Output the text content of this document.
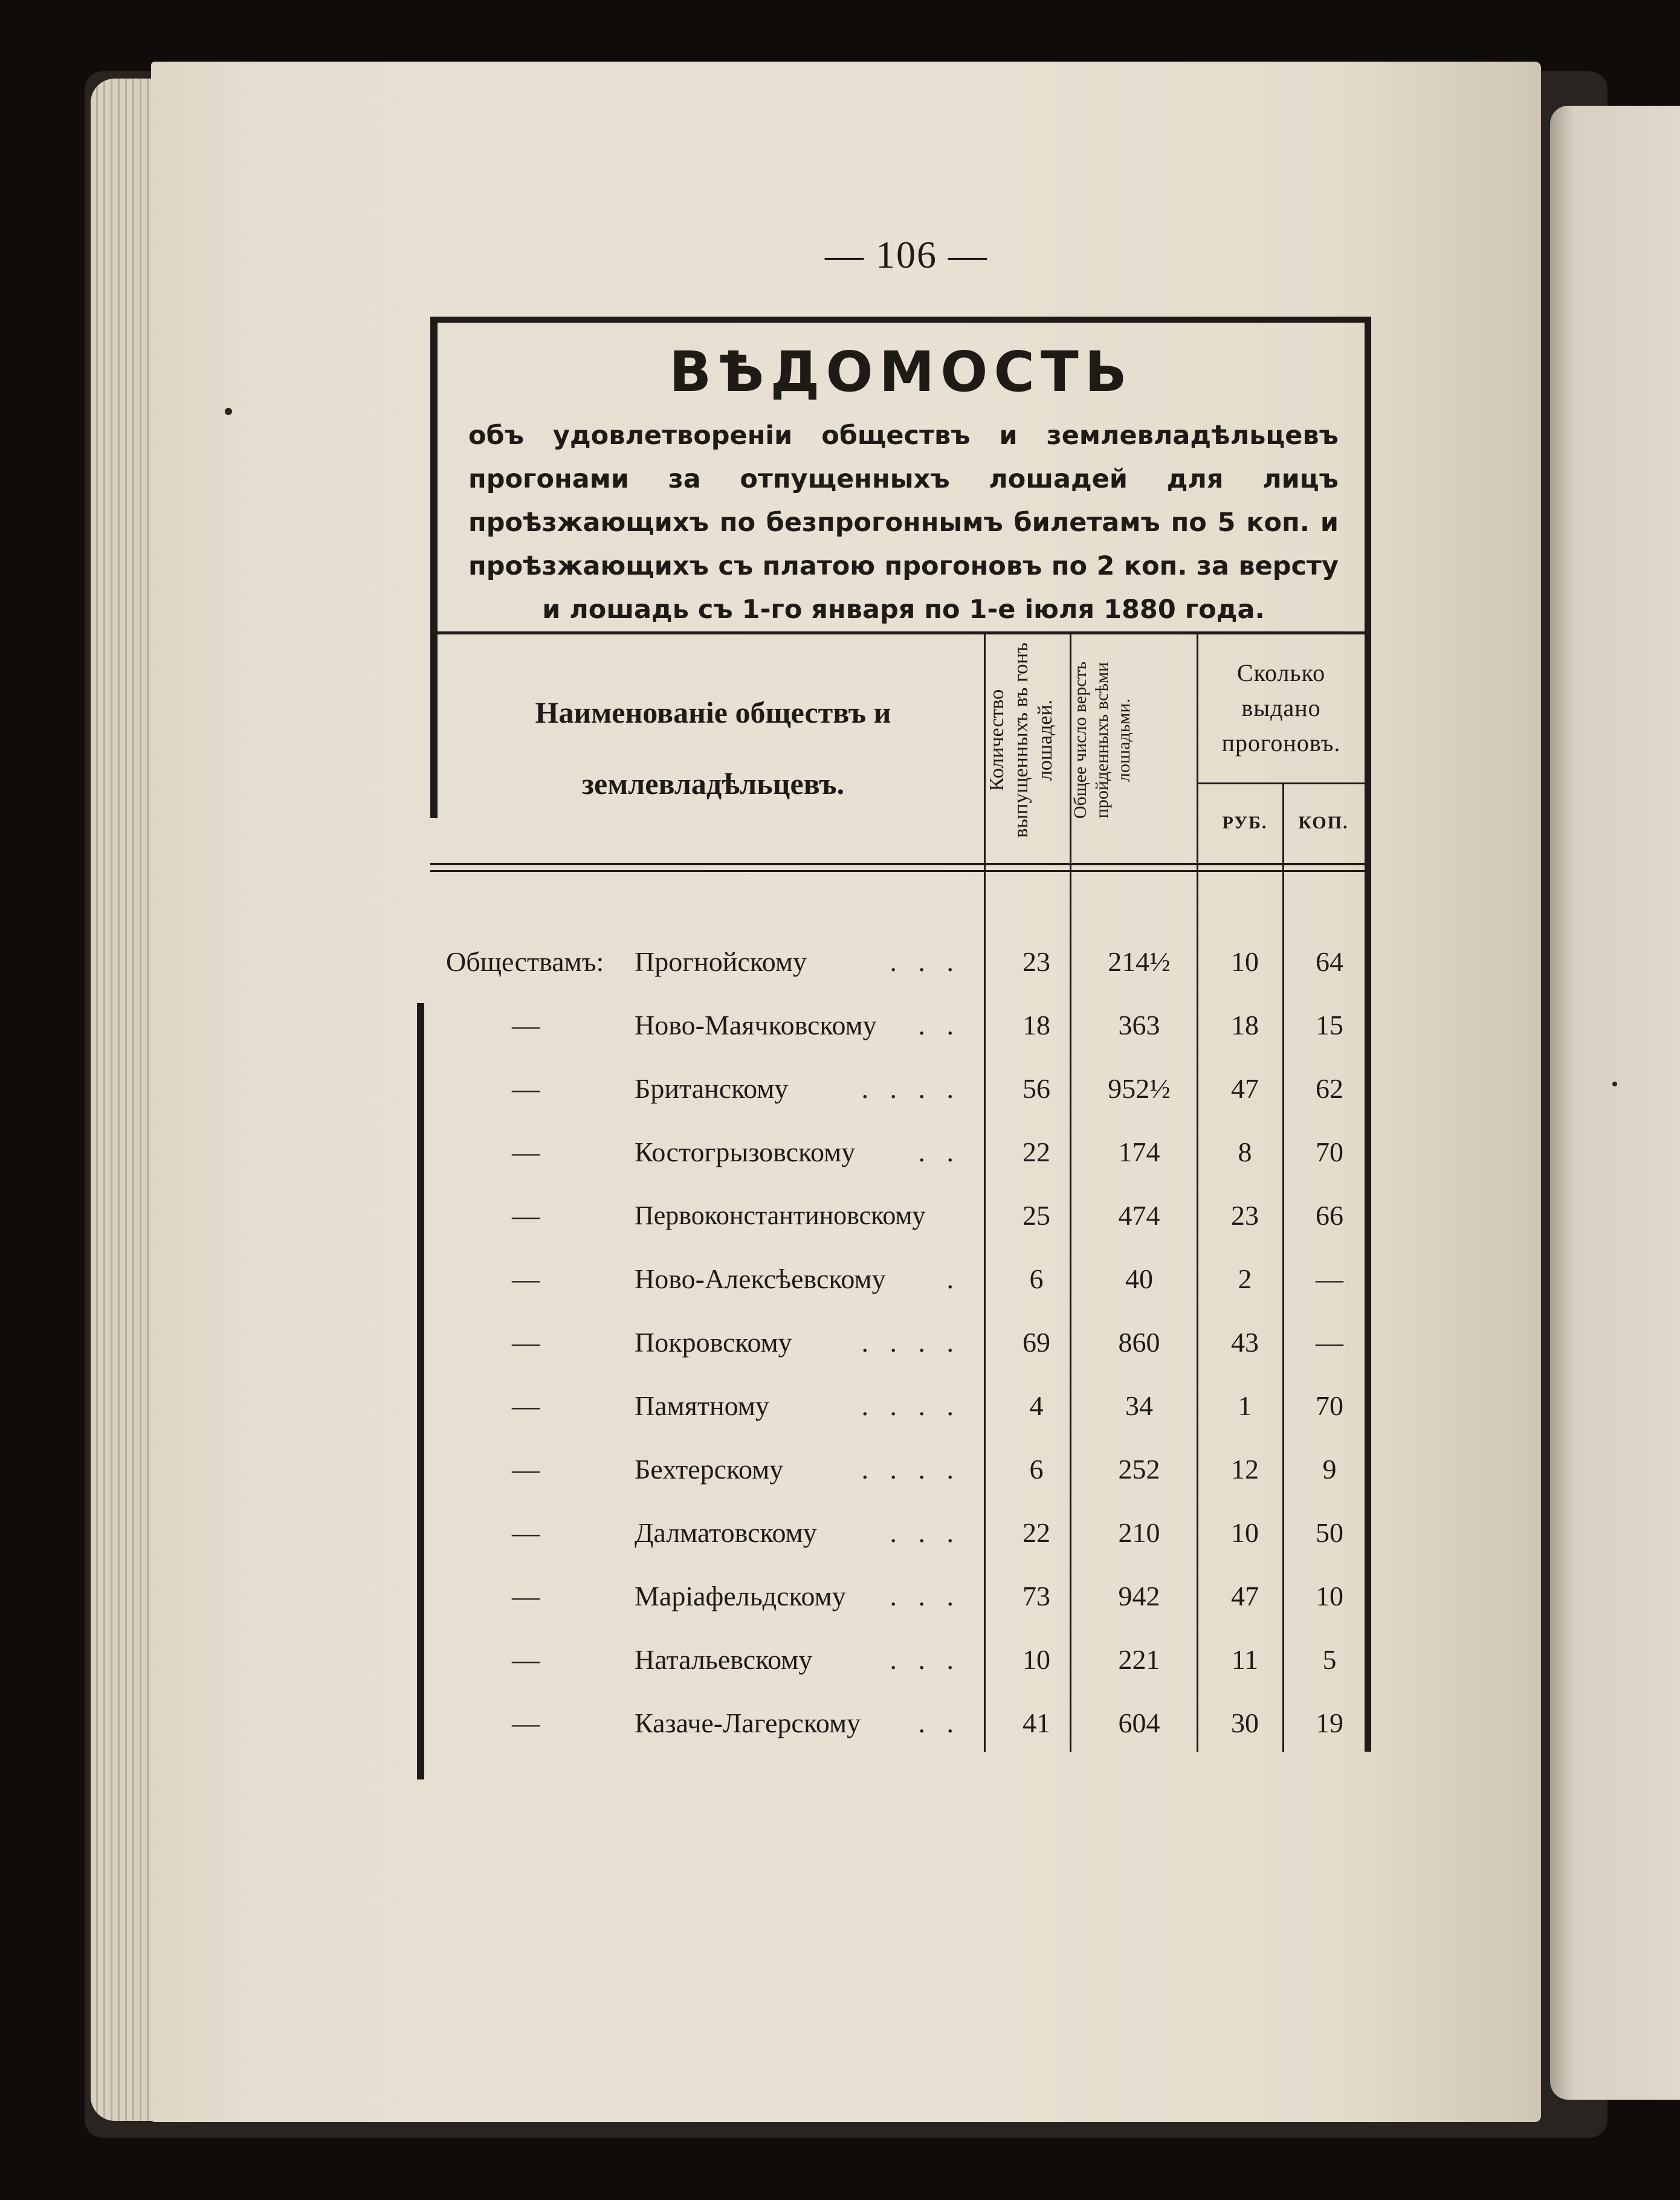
— 106 —
ВѢДОМОСТЬ
объ удовлетвореніи обществъ и землевладѣльцевъ прогонами за отпущенныхъ лошадей для лицъ проѣзжающихъ по безпрогоннымъ билетамъ по 5 коп. и проѣзжающихъ съ платою прогоновъ по 2 коп. за версту и лошадь съ 1-го января по 1-е іюля 1880 года.
Наименованіе обществъ и
землевладѣльцевъ.	Количество выпущенныхъ въ гонъ лошадей. Общее число верстъ пройденныхъ всѣми лошадьми.
Сколько выдано прогоновъ.
РУБ.	КОП.
Обществамъ:	Прогнойскому	. . .	23	214½	10	64
—	Ново-Маячковскому	. .	18	363	18	15
—	Британскому	. . . .	56	952½	47	62
—	Костогрызовскому	. .	22	174	8	70
—	Первоконстантиновскому	25	474	23	66
—	Ново-Алексѣевскому	.	6	40	2	—
—	Покровскому	. . . .	69	860	43	—
—	Памятному	. . . .	4	34	1	70
—	Бехтерскому	. . . .	6	252	12	9
—	Далматовскому	. . .	22	210	10	50
—	Маріафельдскому	. . .	73	942	47	10
—	Натальевскому	. . .	10	221	11	5
—	Казаче-Лагерскому	. .	41	604	30	19
